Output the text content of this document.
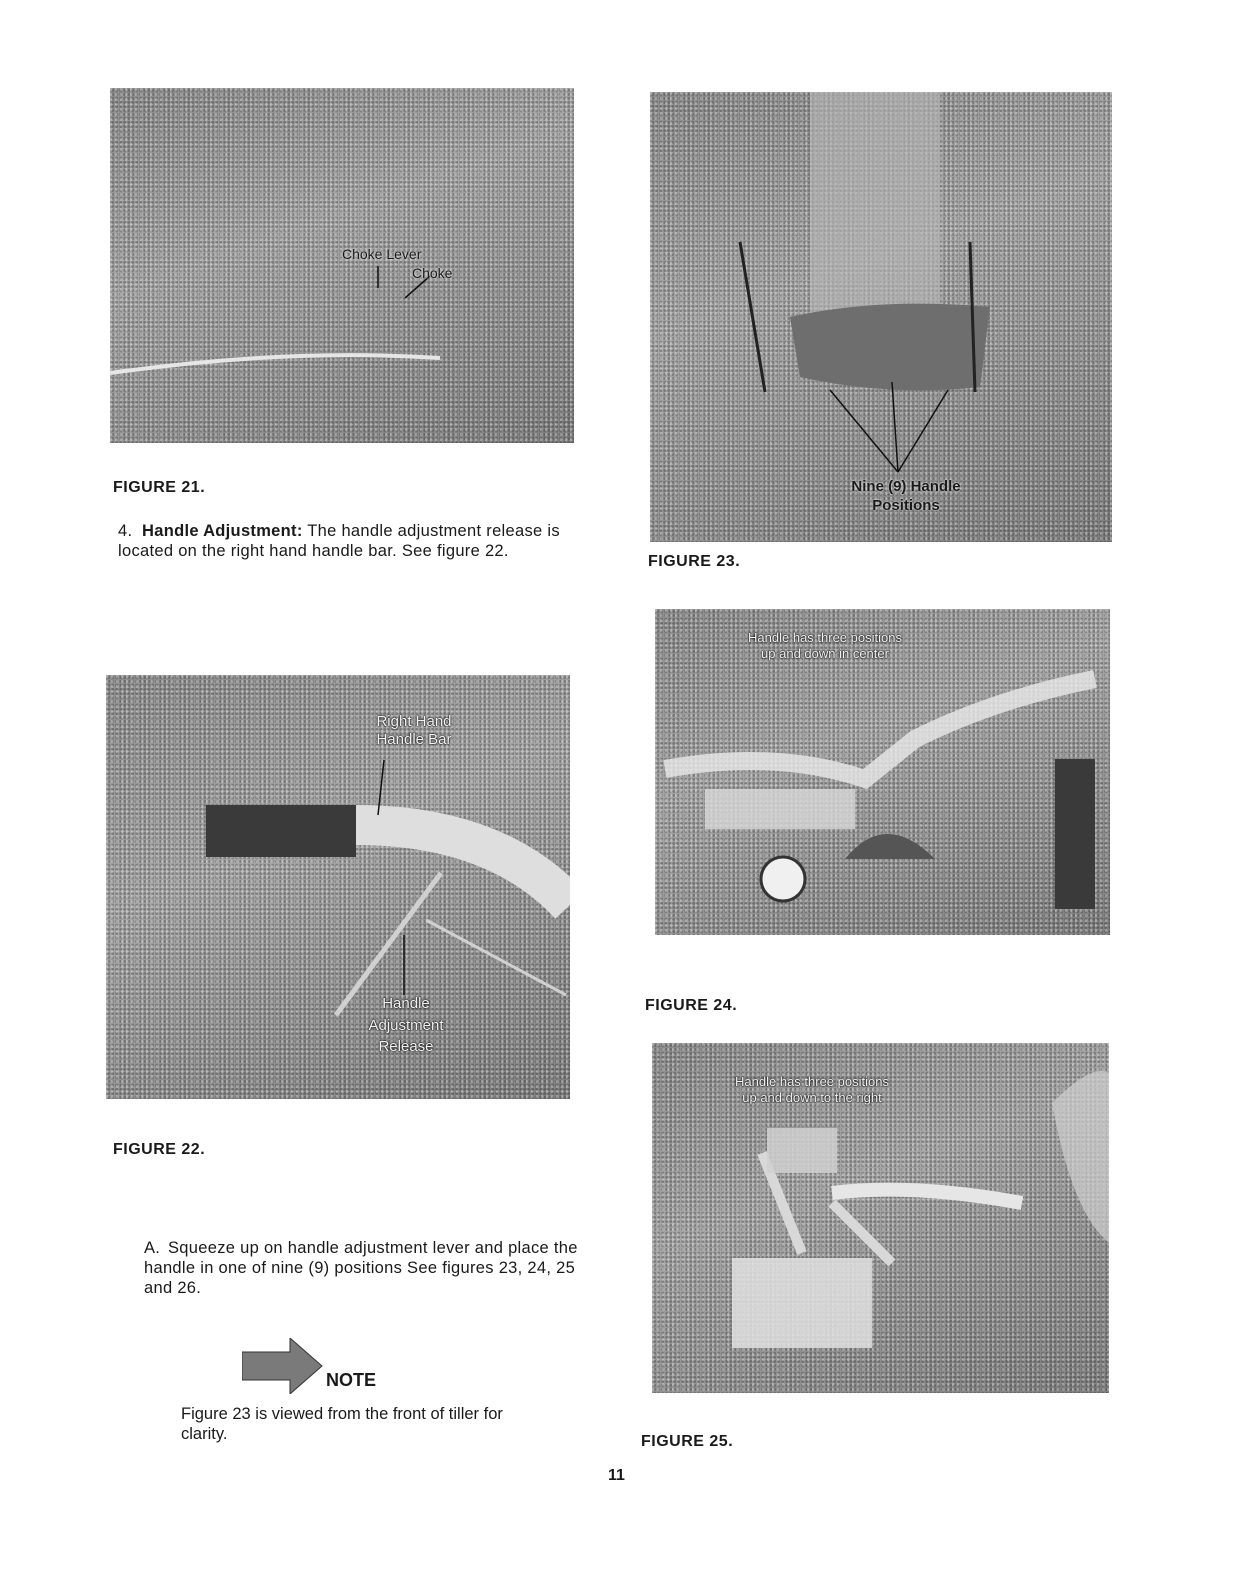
Choke Lever
Choke
FIGURE 21.
4. Handle Adjustment: The handle adjustment release is located on the right hand handle bar. See figure 22.
Right Hand
Handle Bar
Handle
Adjustment
Release
FIGURE 22.
A. Squeeze up on handle adjustment lever and place the handle in one of nine (9) positions See figures 23, 24, 25 and 26.
NOTE
Figure 23 is viewed from the front of tiller for clarity.
Nine (9) Handle
Positions
FIGURE 23.
Handle has three positions
up and down in center
FIGURE 24.
Handle has three positions
up and down to the right
FIGURE 25.
11
